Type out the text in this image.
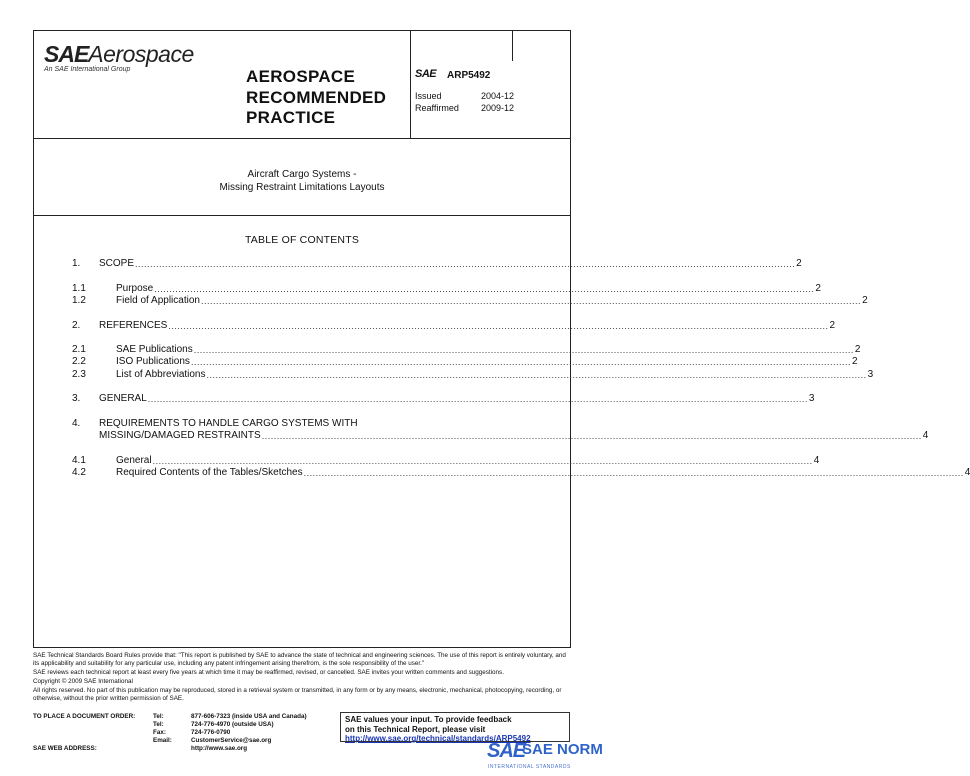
SAEAerospace
An SAE International Group	AEROSPACE
RECOMMENDED
PRACTICE
SAE ARP5492
Issued	2004-12
Reaffirmed 2009-12
Aircraft Cargo Systems -
Missing Restraint Limitations Layouts
TABLE OF CONTENTS
1. SCOPE ............................................................................................................................................................................................................................ 2
1.1	Purpose ............................................................................................................................................................................................................................ 2
1.2	Field of Application ............................................................................................................................................................................................................................ 2
2. REFERENCES ............................................................................................................................................................................................................................ 2
2.1	SAE Publications ............................................................................................................................................................................................................................ 2
2.2	ISO Publications ............................................................................................................................................................................................................................ 2
2.3	List of Abbreviations ............................................................................................................................................................................................................................ 3
3. GENERAL ............................................................................................................................................................................................................................ 3
4. REQUIREMENTS TO HANDLE CARGO SYSTEMS WITH
MISSING/DAMAGED RESTRAINTS ............................................................................................................................................................................................................................ 4
4.1	General ............................................................................................................................................................................................................................ 4
4.2	Required Contents of the Tables/Sketches ............................................................................................................................................................................................................................ 4

SAE Technical Standards Board Rules provide that: "This report is published by SAE to advance the state of technical and engineering sciences. The use of this report is entirely voluntary, and its applicability and suitability for any particular use, including any patent infringement arising therefrom, is the sole responsibility of the user."

SAE reviews each technical report at least every five years at which time it may be reaffirmed, revised, or cancelled. SAE invites your written comments and suggestions.

Copyright © 2009 SAE International

All rights reserved. No part of this publication may be reproduced, stored in a retrieval system or transmitted, in any form or by any means, electronic, mechanical, photocopying, recording, or otherwise, without the prior written permission of SAE.

TO PLACE A DOCUMENT ORDER:	Tel:	877-606-7323 (inside USA and Canada)
Tel:	724-776-4970 (outside USA)
Fax:	724-776-0790
Email:	CustomerService@sae.org
SAE WEB ADDRESS:	http://www.sae.org
SAE values your input. To provide feedback
on this Technical Report, please visit
http://www.sae.org/technical/standards/ARP5492
SAE
SAE NORM
INTERNATIONAL STANDARDS
